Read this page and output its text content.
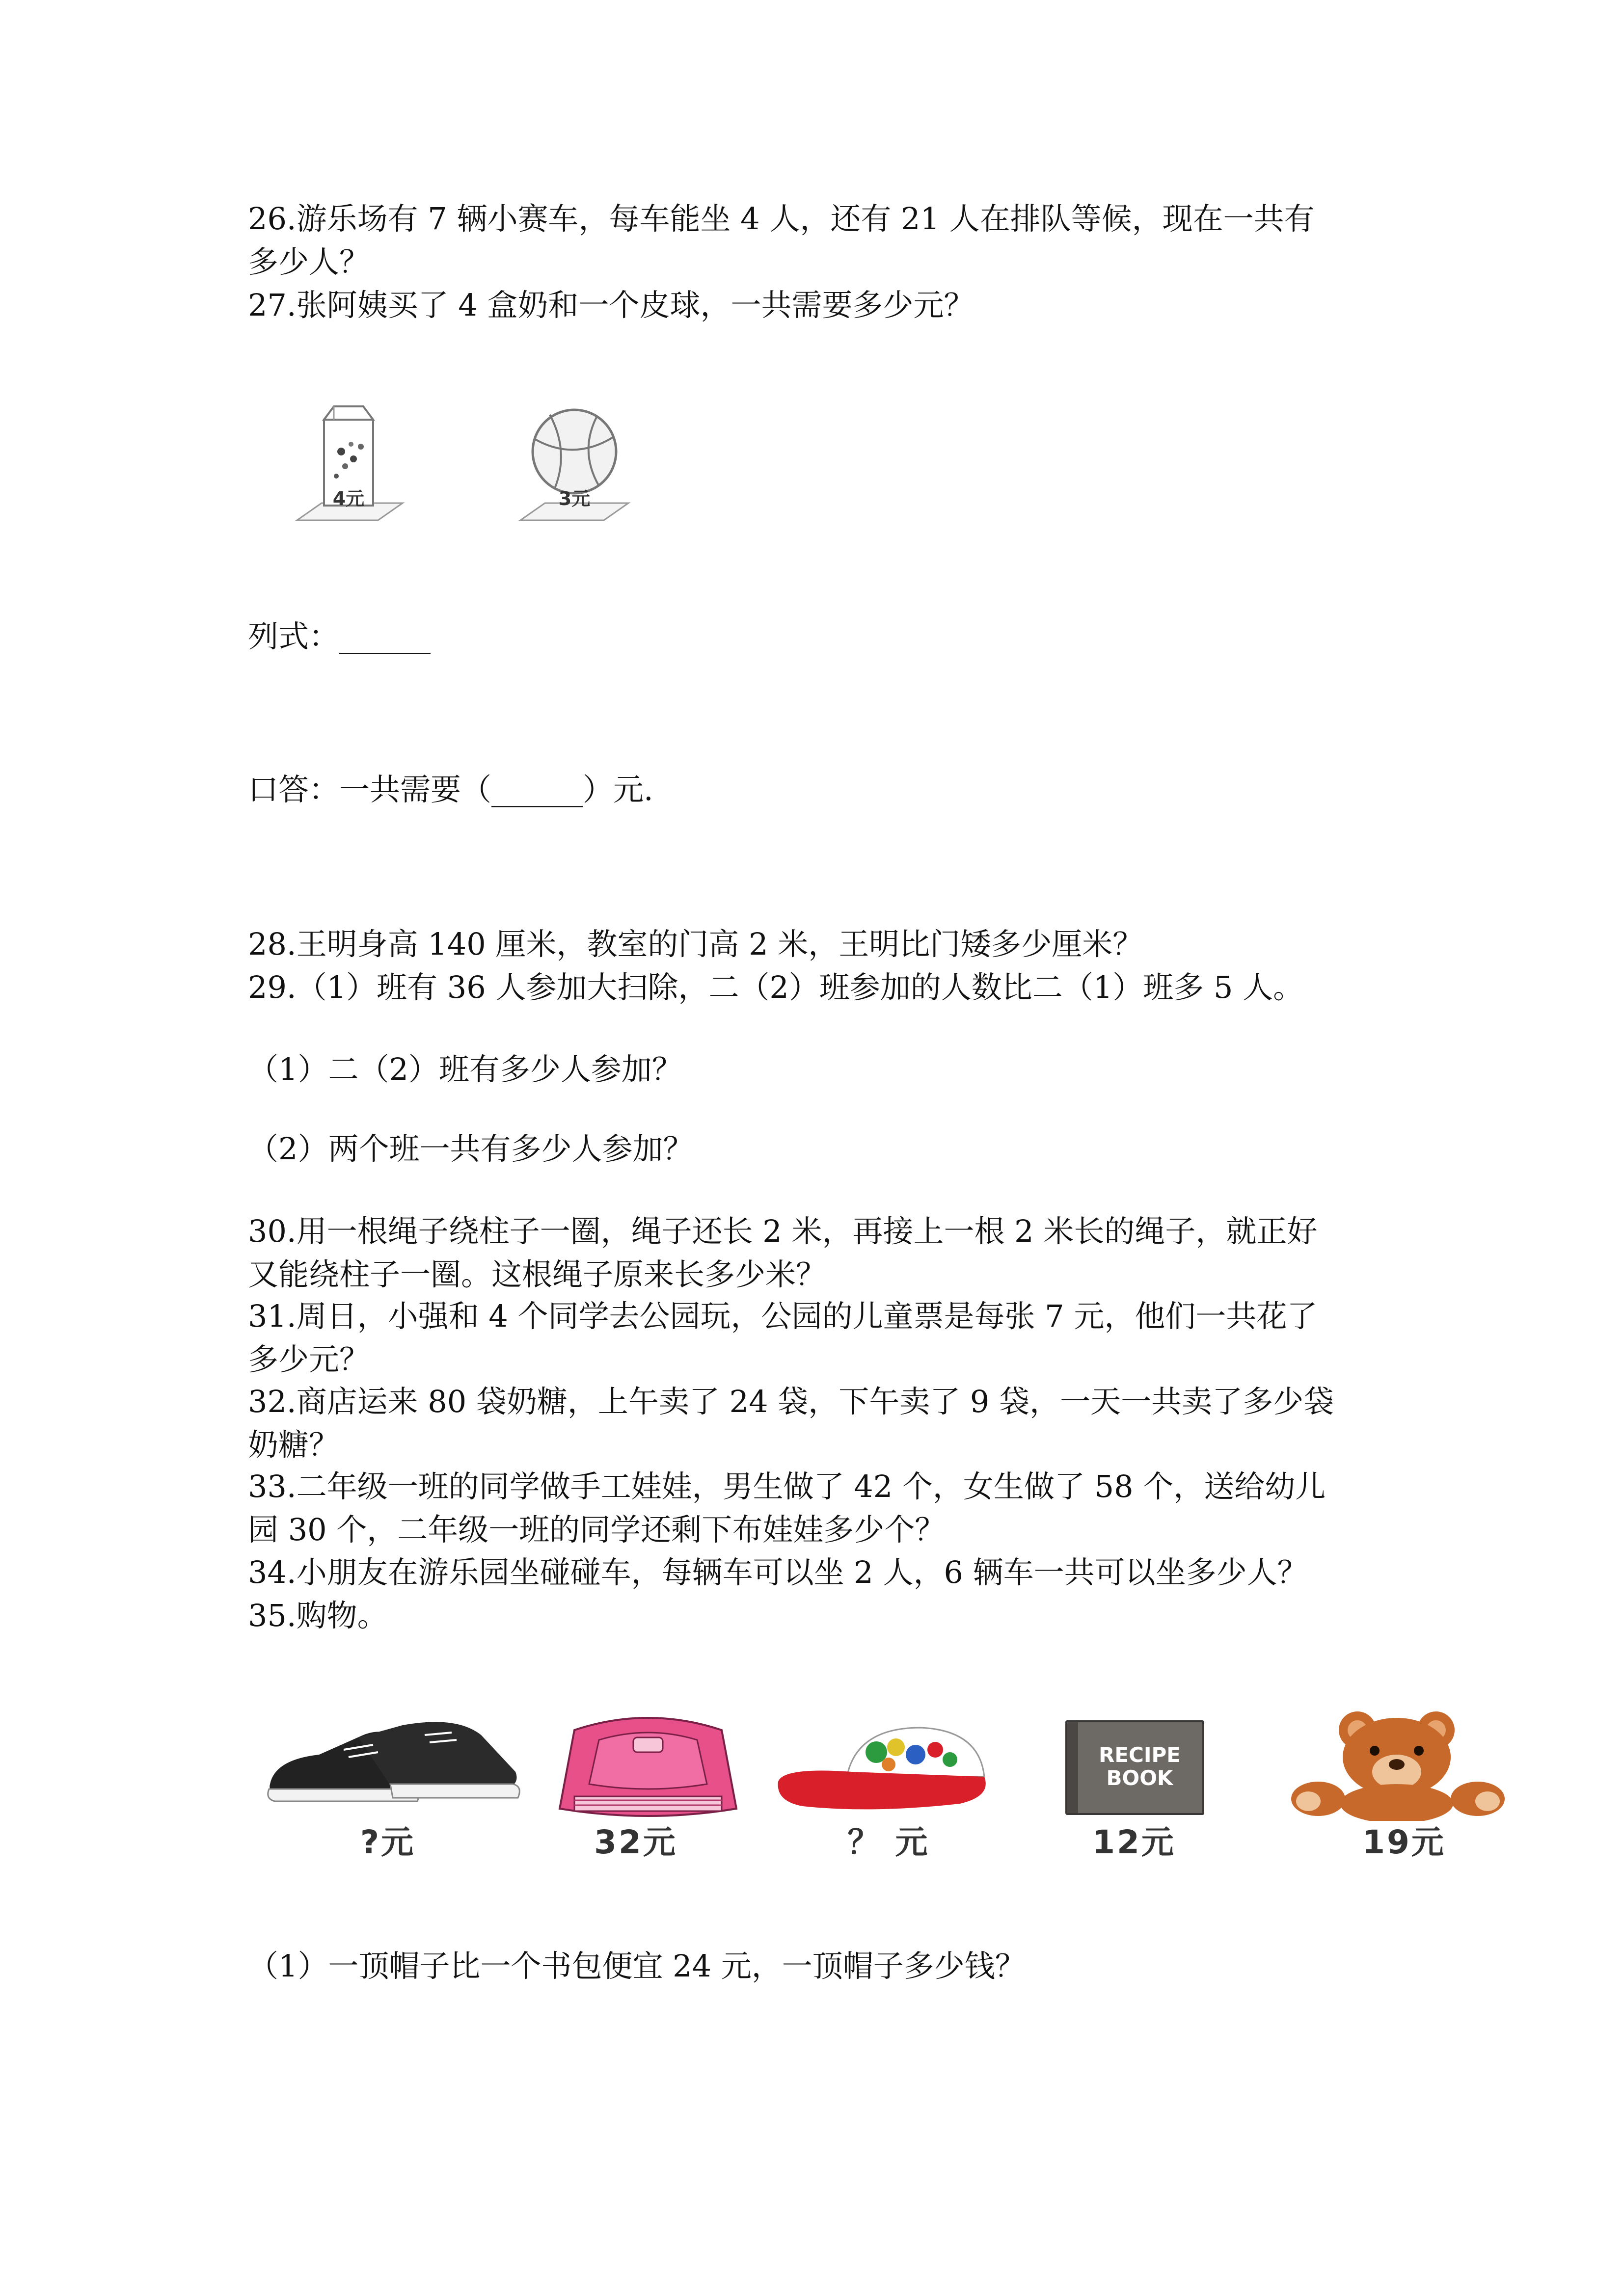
26.游乐场有 7 辆小赛车，每车能坐 4 人，还有 21 人在排队等候，现在一共有
多少人？
27.张阿姨买了 4 盒奶和一个皮球，一共需要多少元？
4元	3元
列式：______
口答：一共需要（______）元.
28.王明身高 140 厘米，教室的门高 2 米，王明比门矮多少厘米？
29.（1）班有 36 人参加大扫除，二（2）班参加的人数比二（1）班多 5 人。
（1）二（2）班有多少人参加？
（2）两个班一共有多少人参加？
30.用一根绳子绕柱子一圈，绳子还长 2 米，再接上一根 2 米长的绳子，就正好
又能绕柱子一圈。这根绳子原来长多少米？
31.周日，小强和 4 个同学去公园玩，公园的儿童票是每张 7 元，他们一共花了
多少元？
32.商店运来 80 袋奶糖，上午卖了 24 袋，下午卖了 9 袋，一天一共卖了多少袋
奶糖？
33.二年级一班的同学做手工娃娃，男生做了 42 个，女生做了 58 个，送给幼儿
园 30 个，二年级一班的同学还剩下布娃娃多少个？
34.小朋友在游乐园坐碰碰车，每辆车可以坐 2 人，6 辆车一共可以坐多少人？
35.购物。
?元	32元	？ 元
RECIPE
BOOK
12元	19元
（1）一顶帽子比一个书包便宜 24 元，一顶帽子多少钱？
